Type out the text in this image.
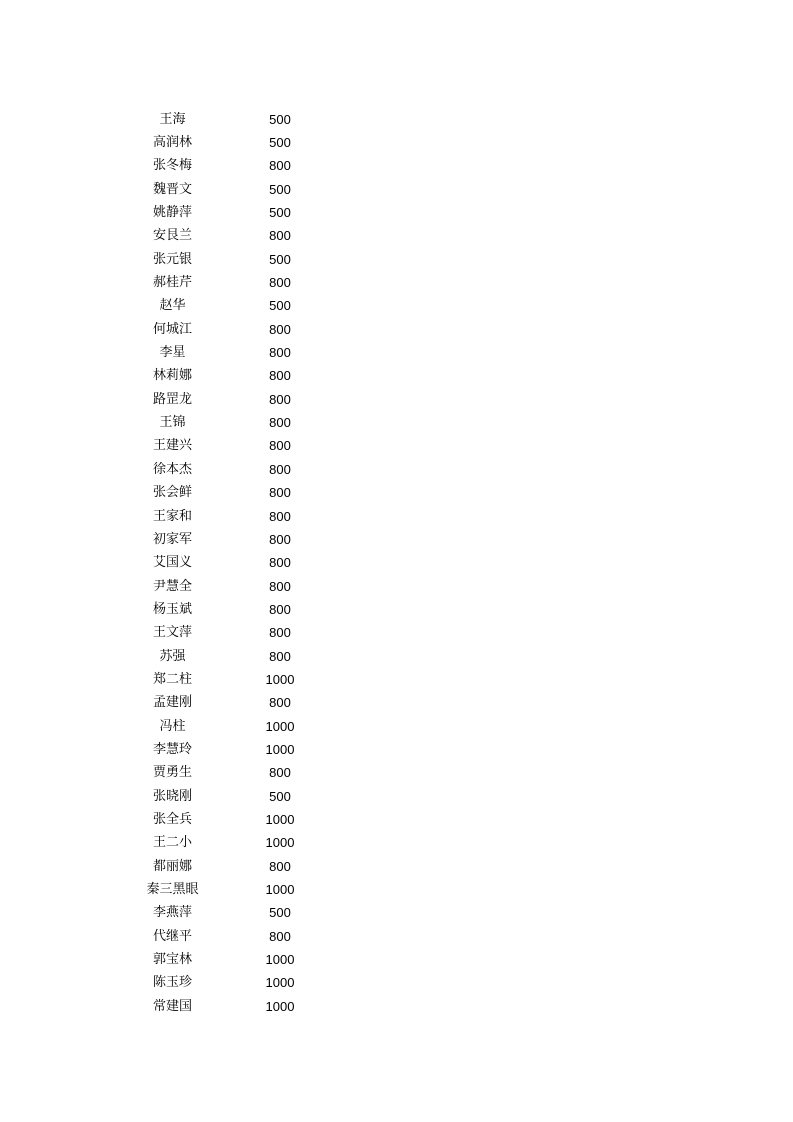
王海	500
高润林	500
张冬梅	800
魏晋文	500
姚静萍	500
安艮兰	800
张元银	500
郝桂芹	800
赵华	500
何城江	800
李星	800
林莉娜	800
路罡龙	800
王锦	800
王建兴	800
徐本杰	800
张会鲜	800
王家和	800
初家军	800
艾国义	800
尹慧全	800
杨玉斌	800
王文萍	800
苏强	800
郑二柱	1000
孟建刚	800
冯柱	1000
李慧玲	1000
贾勇生	800
张晓刚	500
张全兵	1000
王二小	1000
都丽娜	800
秦三黑眼	1000
李燕萍	500
代继平	800
郭宝林	1000
陈玉珍	1000
常建国	1000
